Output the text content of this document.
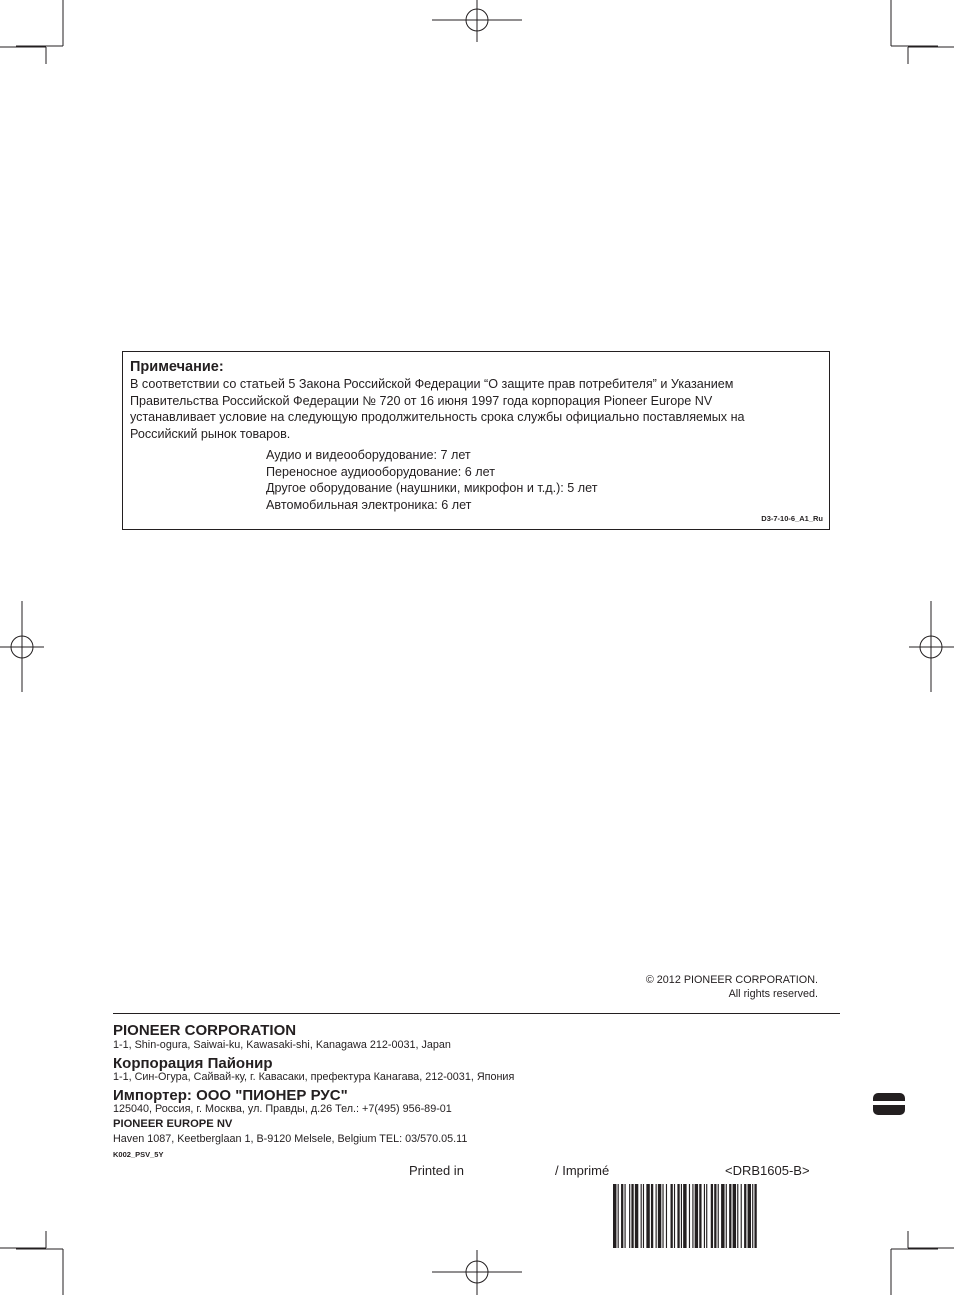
Примечание:
В соответствии со статьей 5 Закона Российской Федерации “О защите прав потребителя” и Указанием
Правительства Российской Федерации № 720 от 16 июня 1997 года корпорация Pioneer Europe NV
устанавливает условие на следующую продолжительность срока службы официально поставляемых на
Российский рынок товаров.
Аудио и видеооборудование: 7 лет
Переносное аудиооборудование: 6 лет
Другое оборудование (наушники, микрофон и т.д.): 5 лет
Автомобильная электроника: 6 лет
D3-7-10-6_A1_Ru
© 2012 PIONEER CORPORATION.
All rights reserved.
PIONEER CORPORATION
1-1, Shin-ogura, Saiwai-ku, Kawasaki-shi, Kanagawa 212-0031, Japan
Корпорация Пайонир
1-1, Син-Огура, Сайвай-ку, г. Кавасаки, префектура Канагава, 212-0031, Япония
Импортер: ООО "ПИОНЕР РУС"
125040, Россия, г. Москва, ул. Правды, д.26 Тел.: +7(495) 956-89-01
PIONEER EUROPE NV
Haven 1087, Keetberglaan 1, B-9120 Melsele, Belgium TEL: 03/570.05.11
K002_PSV_5Y
Printed in	/ Imprimé	<DRB1605-B>
